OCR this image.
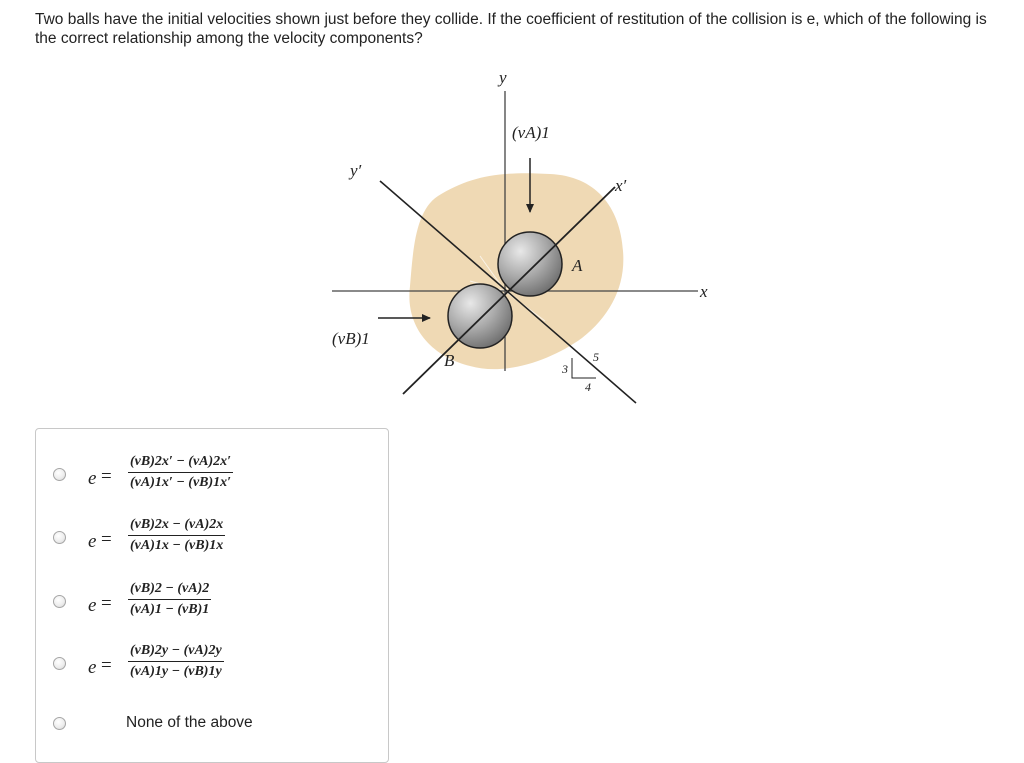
Two balls have the initial velocities shown just before they collide. If the coefficient of restitution of the collision is e, which of the following is the correct relationship among the velocity components?
y
x
y′
x′
(vA)1
(vB)1
A
B	3
4
5
$e = \frac{(vB)2x' - (vA)2x'}{(vA)1x' - (vB)1x'}$
$e = \frac{(vB)2x - (vA)2x}{(vA)1x - (vB)1x}$
$e = \frac{(vB)2 - (vA)2}{(vA)1 - (vB)1}$
$e = \frac{(vB)2y - (vA)2y}{(vA)1y - (vB)1y}$
None of the above
